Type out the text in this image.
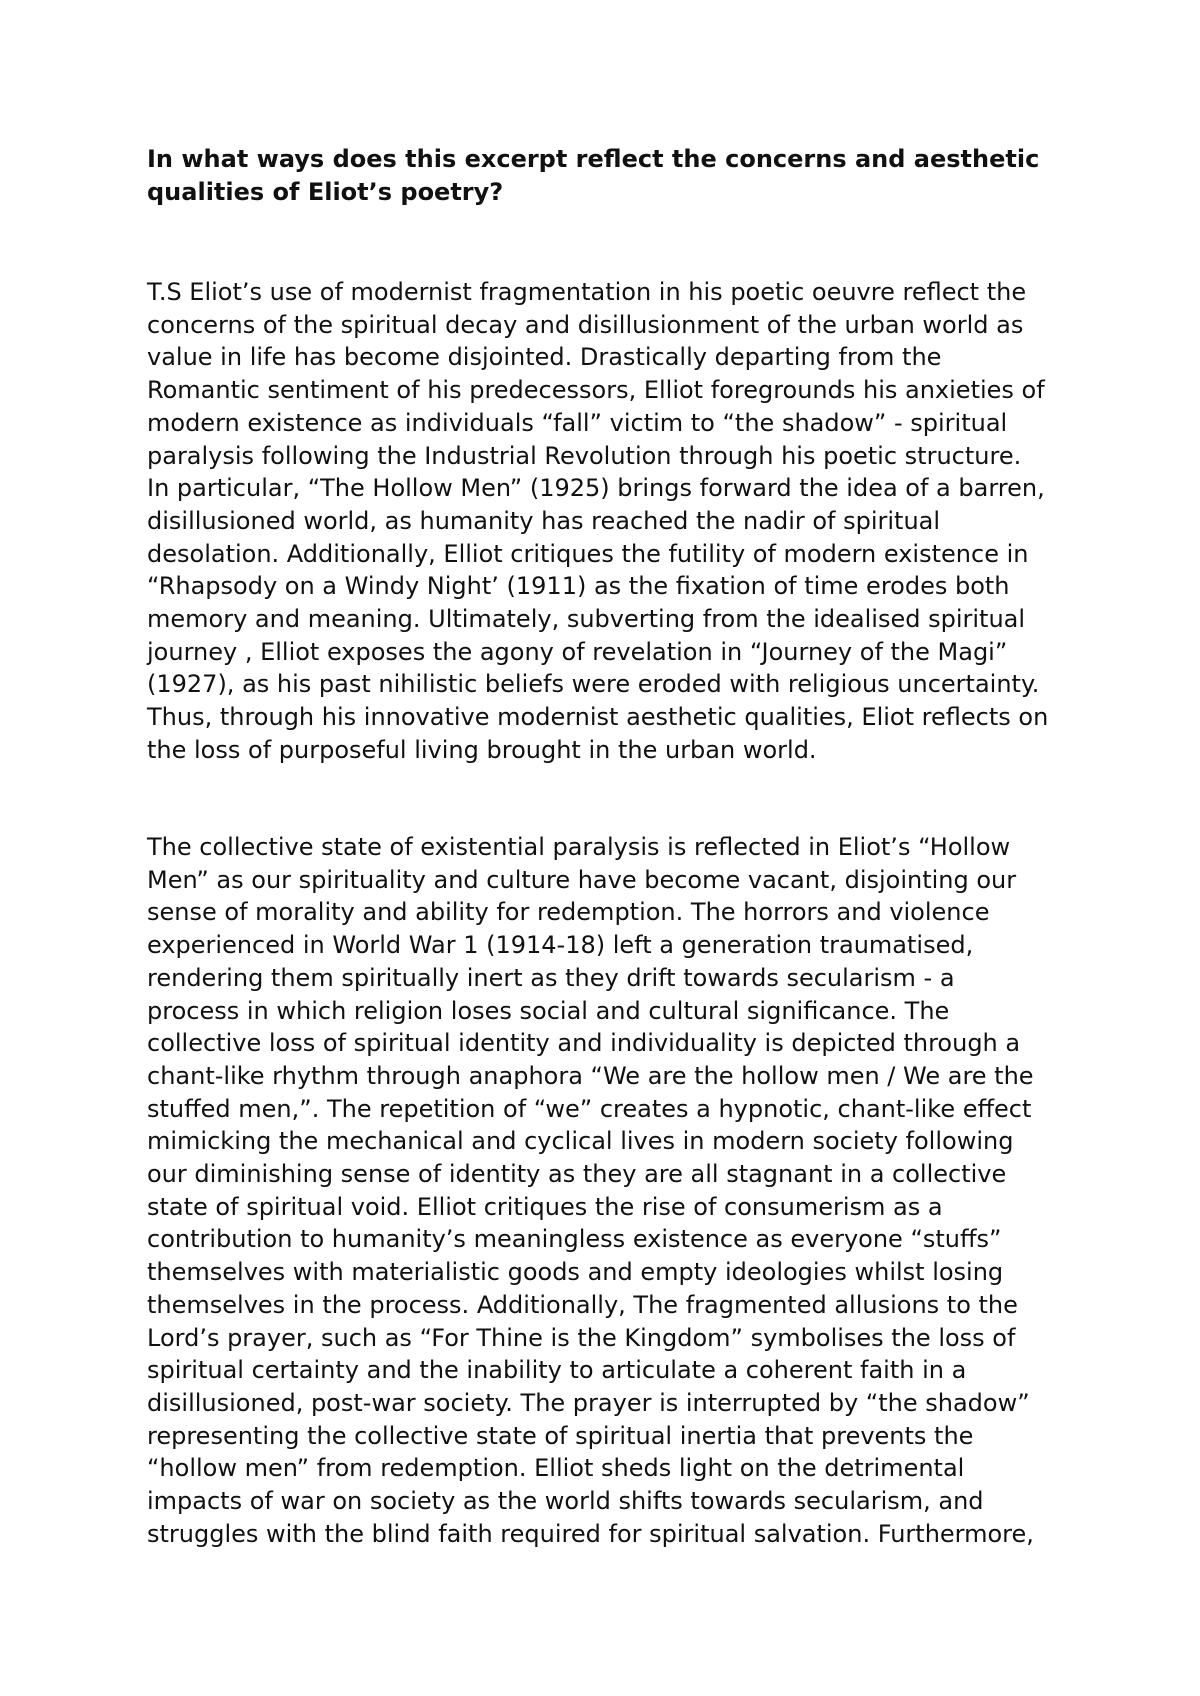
In what ways does this excerpt reflect the concerns and aesthetic
qualities of Eliot’s poetry?

T.S Eliot’s use of modernist fragmentation in his poetic oeuvre reflect the
concerns of the spiritual decay and disillusionment of the urban world as
value in life has become disjointed. Drastically departing from the
Romantic sentiment of his predecessors, Elliot foregrounds his anxieties of
modern existence as individuals “fall” victim to “the shadow” - spiritual
paralysis following the Industrial Revolution through his poetic structure.
In particular, “The Hollow Men” (1925) brings forward the idea of a barren,
disillusioned world, as humanity has reached the nadir of spiritual
desolation. Additionally, Elliot critiques the futility of modern existence in
“Rhapsody on a Windy Night’ (1911) as the fixation of time erodes both
memory and meaning. Ultimately, subverting from the idealised spiritual
journey , Elliot exposes the agony of revelation in “Journey of the Magi”
(1927), as his past nihilistic beliefs were eroded with religious uncertainty.
Thus, through his innovative modernist aesthetic qualities, Eliot reflects on
the loss of purposeful living brought in the urban world.

The collective state of existential paralysis is reflected in Eliot’s “Hollow
Men” as our spirituality and culture have become vacant, disjointing our
sense of morality and ability for redemption. The horrors and violence
experienced in World War 1 (1914-18) left a generation traumatised,
rendering them spiritually inert as they drift towards secularism - a
process in which religion loses social and cultural significance. The
collective loss of spiritual identity and individuality is depicted through a
chant-like rhythm through anaphora “We are the hollow men / We are the
stuffed men,”. The repetition of “we” creates a hypnotic, chant-like effect
mimicking the mechanical and cyclical lives in modern society following
our diminishing sense of identity as they are all stagnant in a collective
state of spiritual void. Elliot critiques the rise of consumerism as a
contribution to humanity’s meaningless existence as everyone “stuffs”
themselves with materialistic goods and empty ideologies whilst losing
themselves in the process. Additionally, The fragmented allusions to the
Lord’s prayer, such as “For Thine is the Kingdom” symbolises the loss of
spiritual certainty and the inability to articulate a coherent faith in a
disillusioned, post-war society. The prayer is interrupted by “the shadow”
representing the collective state of spiritual inertia that prevents the
“hollow men” from redemption. Elliot sheds light on the detrimental
impacts of war on society as the world shifts towards secularism, and
struggles with the blind faith required for spiritual salvation. Furthermore,
